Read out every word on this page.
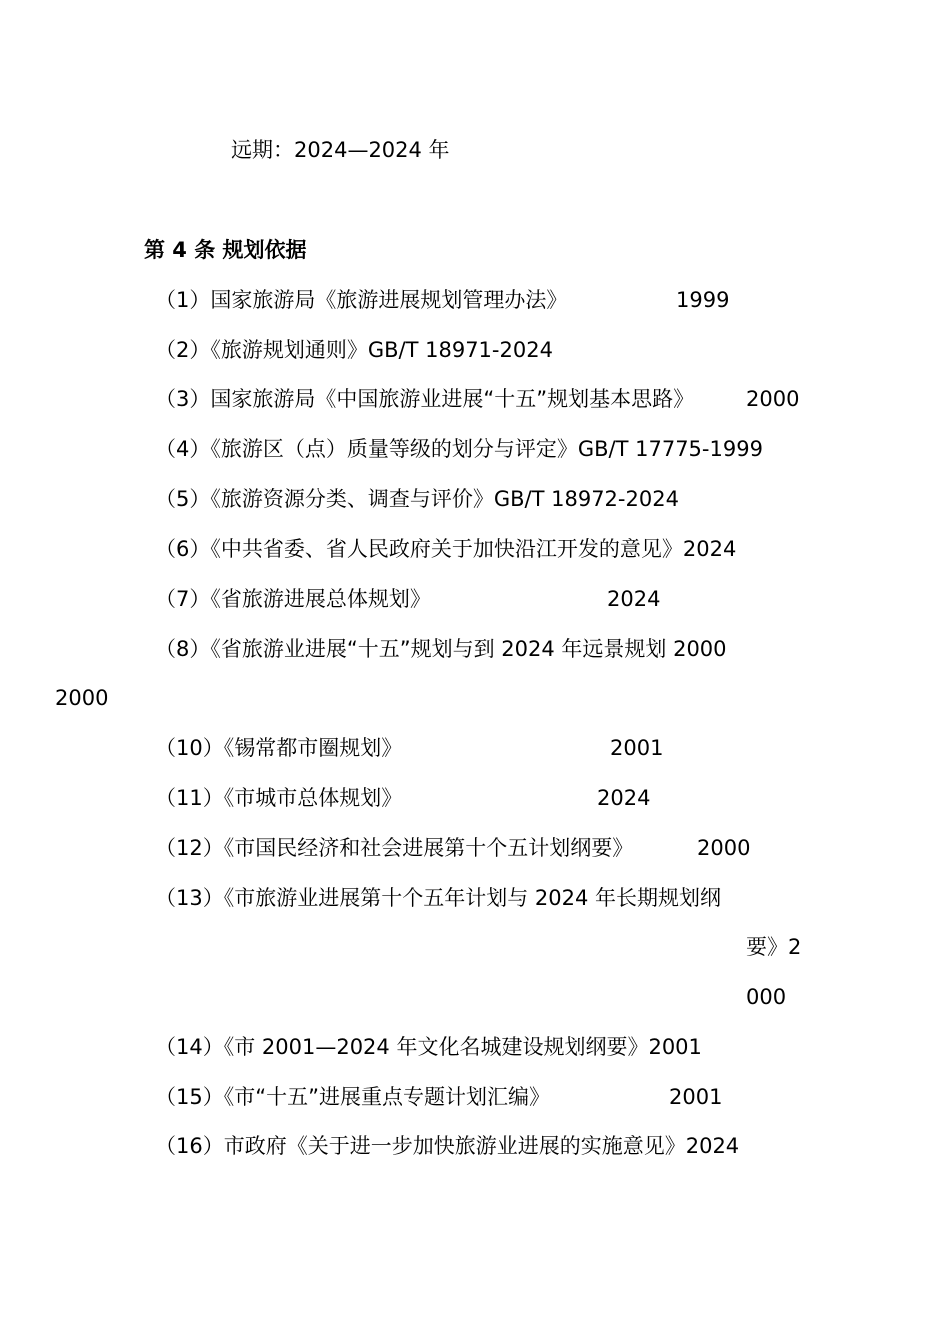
远期：2024—2024 年
第 4 条 规划依据
（1）国家旅游局《旅游进展规划管理办法》	1999
（2）《旅游规划通则》GB/T 18971-2024
（3）国家旅游局《中国旅游业进展“十五”规划基本思路》 2000
（4）《旅游区（点）质量等级的划分与评定》GB/T 17775-1999
（5）《旅游资源分类、调查与评价》GB/T 18972-2024
（6）《中共省委、省人民政府关于加快沿江开发的意见》2024
（7）《省旅游进展总体规划》	2024
（8）《省旅游业进展“十五”规划与到 2024 年远景规划 2000
2000
（10）《锡常都市圈规划》	2001
（11）《市城市总体规划》	2024
（12）《市国民经济和社会进展第十个五计划纲要》	2000
（13）《市旅游业进展第十个五年计划与 2024 年长期规划纲
要》2
000
（14）《市 2001—2024 年文化名城建设规划纲要》2001
（15）《市“十五”进展重点专题计划汇编》	2001
（16）市政府《关于进一步加快旅游业进展的实施意见》2024
